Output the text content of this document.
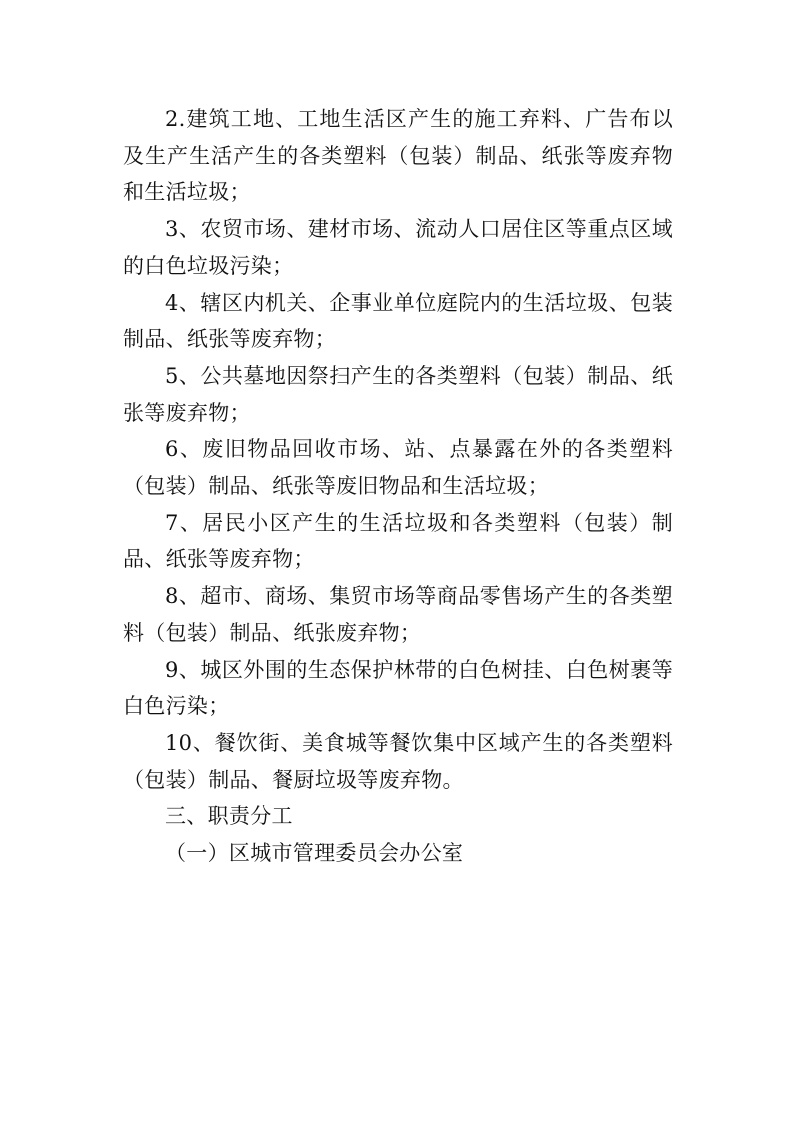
2.建筑工地、工地生活区产生的施工弃料、广告布以及生产生活产生的各类塑料（包装）制品、纸张等废弃物和生活垃圾；

3、农贸市场、建材市场、流动人口居住区等重点区域的白色垃圾污染；

4、辖区内机关、企事业单位庭院内的生活垃圾、包装制品、纸张等废弃物；

5、公共墓地因祭扫产生的各类塑料（包装）制品、纸张等废弃物；

6、废旧物品回收市场、站、点暴露在外的各类塑料（包装）制品、纸张等废旧物品和生活垃圾；

7、居民小区产生的生活垃圾和各类塑料（包装）制品、纸张等废弃物；

8、超市、商场、集贸市场等商品零售场产生的各类塑料（包装）制品、纸张废弃物；

9、城区外围的生态保护林带的白色树挂、白色树裹等白色污染；

10、餐饮街、美食城等餐饮集中区域产生的各类塑料（包装）制品、餐厨垃圾等废弃物。

三、职责分工

（一）区城市管理委员会办公室
